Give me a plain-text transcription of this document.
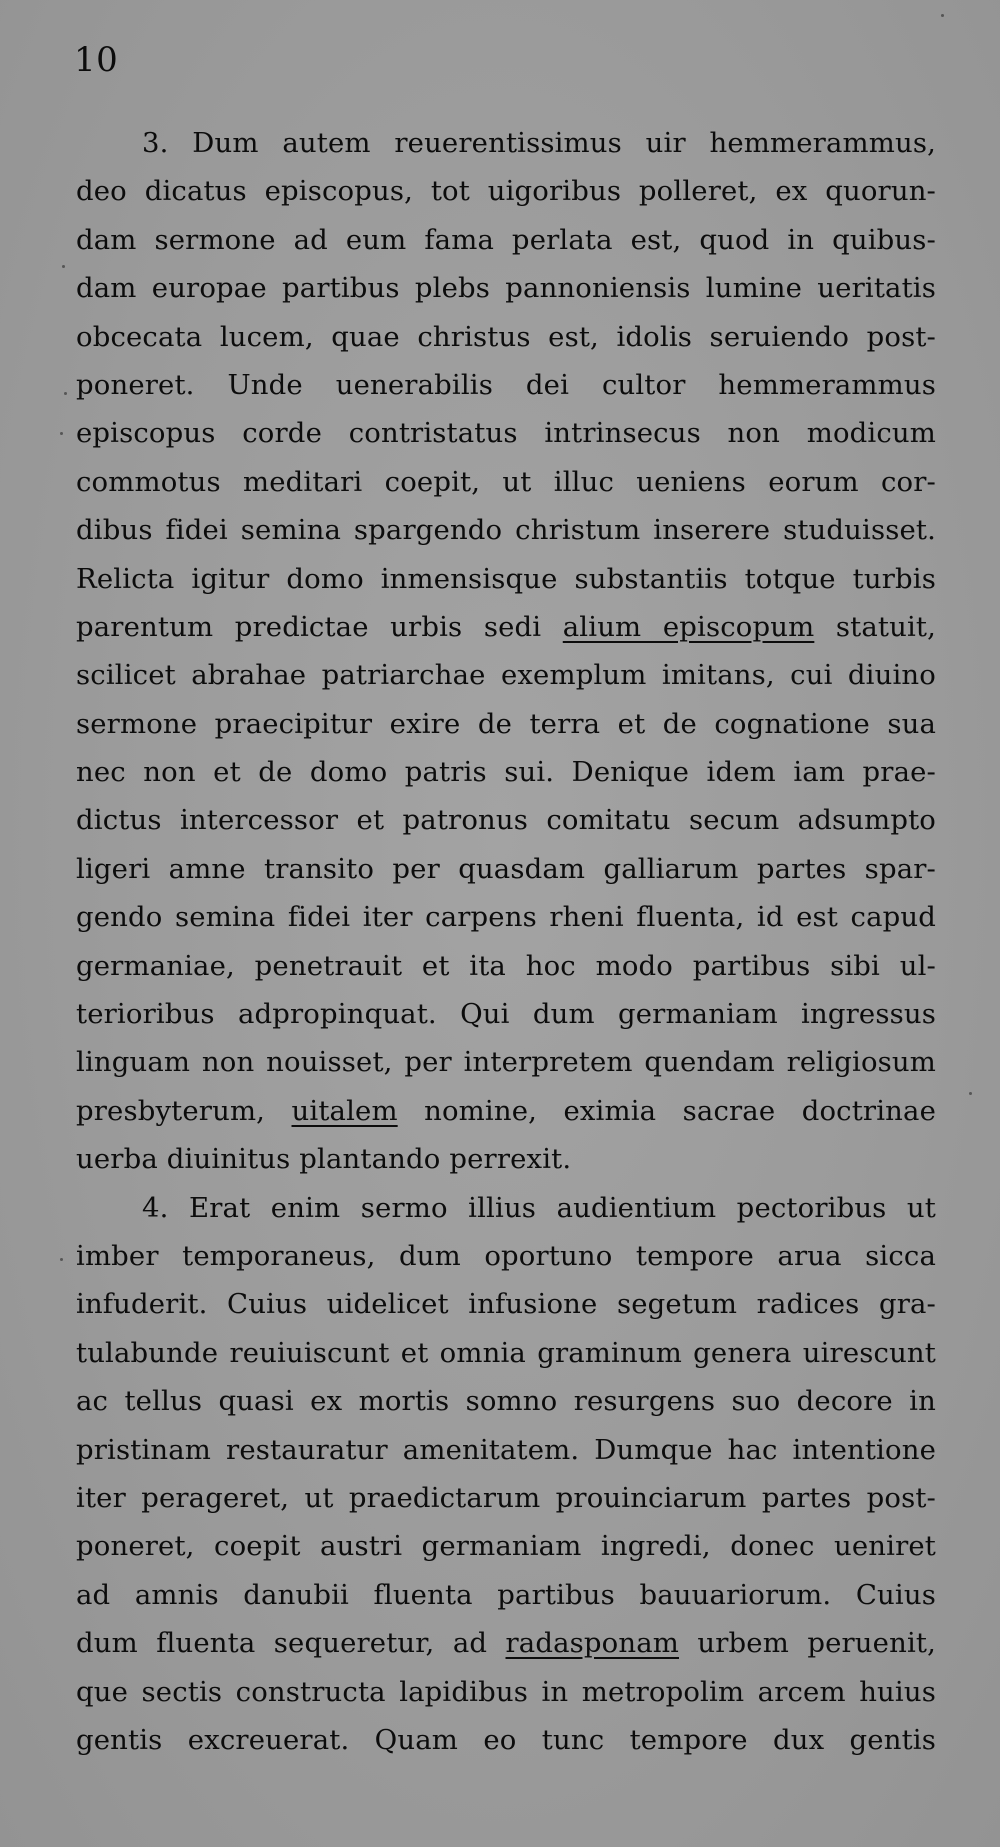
10
3. Dum autem reuerentissimus uir hemmerammus,
deo dicatus episcopus, tot uigoribus polleret, ex quorun-
dam sermone ad eum fama perlata est, quod in quibus-
dam europae partibus plebs pannoniensis lumine ueritatis
obcecata lucem, quae christus est, idolis seruiendo post-
poneret. Unde uenerabilis dei cultor hemmerammus
episcopus corde contristatus intrinsecus non modicum
commotus meditari coepit, ut illuc ueniens eorum cor-
dibus fidei semina spargendo christum inserere studuisset.
Relicta igitur domo inmensisque substantiis totque turbis
parentum predictae urbis sedi alium episcopum statuit,
scilicet abrahae patriarchae exemplum imitans, cui diuino
sermone praecipitur exire de terra et de cognatione sua
nec non et de domo patris sui. Denique idem iam prae-
dictus intercessor et patronus comitatu secum adsumpto
ligeri amne transito per quasdam galliarum partes spar-
gendo semina fidei iter carpens rheni fluenta, id est capud
germaniae, penetrauit et ita hoc modo partibus sibi ul-
terioribus adpropinquat. Qui dum germaniam ingressus
linguam non nouisset, per interpretem quendam religiosum
presbyterum, uitalem nomine, eximia sacrae doctrinae
uerba diuinitus plantando perrexit.
4. Erat enim sermo illius audientium pectoribus ut
imber temporaneus, dum oportuno tempore arua sicca
infuderit. Cuius uidelicet infusione segetum radices gra-
tulabunde reuiuiscunt et omnia graminum genera uirescunt
ac tellus quasi ex mortis somno resurgens suo decore in
pristinam restauratur amenitatem. Dumque hac intentione
iter perageret, ut praedictarum prouinciarum partes post-
poneret, coepit austri germaniam ingredi, donec ueniret
ad amnis danubii fluenta partibus bauuariorum. Cuius
dum fluenta sequeretur, ad radasponam urbem peruenit,
que sectis constructa lapidibus in metropolim arcem huius
gentis excreuerat. Quam eo tunc tempore dux gentis
